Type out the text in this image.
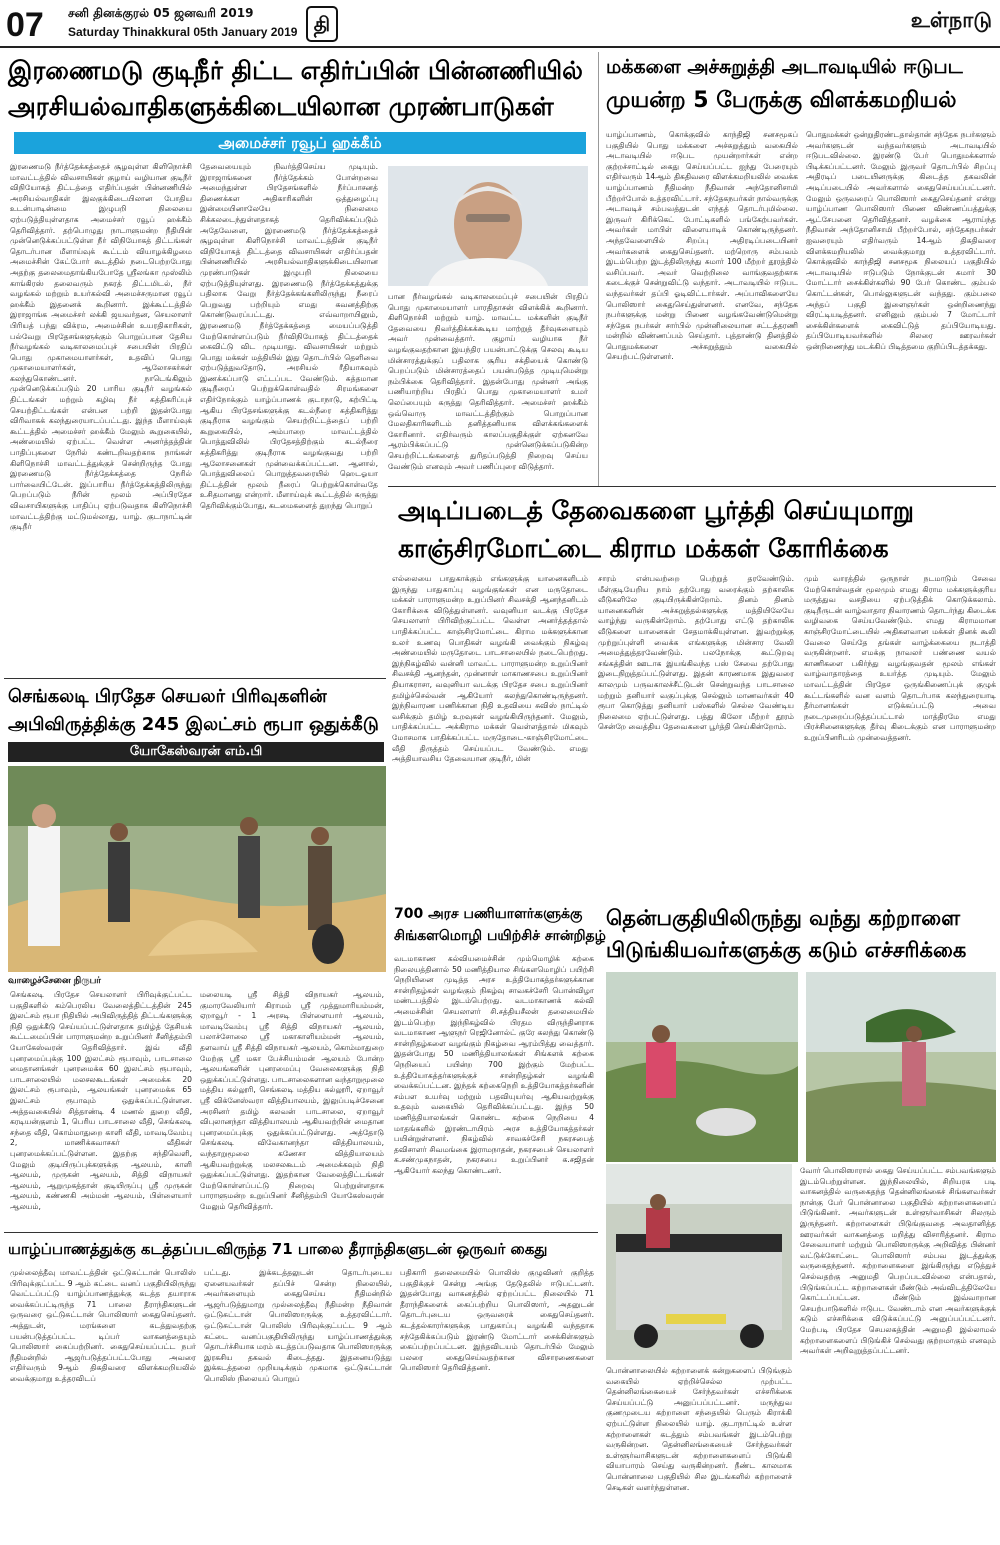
07 சனி தினக்குரல் 05 ஜனவரி 2019
Saturday Thinakkural 05th January 2019 தி	உள்நாடு
இரணைமடு குடிநீர் திட்ட எதிர்ப்பின் பின்னணியில்
அரசியல்வாதிகளுக்கிடையிலான முரண்பாடுகள்
அமைச்சர் ரவூப் ஹக்கீம்
இரணைமடு நீர்த்தேக்கத்தைச் சூழவுள்ள கிளிநொச்சி மாவட்டத்தில் விவசாயிகள் குழாய் வழியான குடிநீர் விநியோகத் திட்டத்தை எதிர்ப்பதன் பின்னணியில் அரசியல்வாதிகள் இலகுக்கிடையிலான போதிய உடன்பாடின்மை இழுபறி நிலையை ஏற்படுத்தியுள்ளதாக அமைச்சர் ரவூப் ஹக்கீம் தெரிவித்தார். தற்பொழுது நாடாளுமன்ற நீதியின் முன்னெடுக்கப்பட்டுள்ள நீர் விநியோகத் திட்டங்கள் தொடர்பான மீளாய்வுக் கூட்டம் வியாழக்கிழமை அமைச்சின் கேட்போர் கூடத்தில் நடைபெற்றபோது அதற்கு தலைமைதாங்கியபோதே ஸ்ரீலங்கா முஸ்லிம் காங்கிரஸ் தலைவரும் நகரத் திட்டமிடல், நீர் வழங்கல் மற்றும் உயர்கல்வி அமைச்சருமான ரவூப் ஹக்கீம் இதனைக் கூறினார். இக்கூட்டத்தில் இராஜாங்க அமைச்சர் லக்கி ஜயவர்தன, செயலாளர் பிரியத் பந்து விக்ரம, அமைச்சின் உயரதிகாரிகள், பல்வேறு பிரதேசங்களுக்கும் பொறுப்பான தேசிய நீர்வழங்கல் வடிகாலமைப்புச் சபையின் பிரதிப் பொது முகாமையாளர்கள், உதவிப் பொது முகாமையாளர்கள், ஆலோசகர்கள் கலந்துகொண்டனர். நாடெங்கிலும் முன்னெடுக்கப்படும் 20 பாரிய குடிநீர் வழங்கல் திட்டங்கள் மற்றும் கழிவு நீர் சுத்திகரிப்புச் செயற்திட்டங்கள் என்பன பற்றி இதன்போது விரிவாகக் கலந்துரையாடப்பட்டது. இந்த மீளாய்வுக் கூட்டத்தில் அமைச்சர் ஹக்கீம் மேலும் கூறுகையில், அண்மையில் ஏற்பட்ட வெள்ள அனர்த்தத்தின் பாதிப்புகளை நேரில் கண்டறிவதற்காக நாங்கள் கிளிநொச்சி மாவட்டத்துக்குச் சென்றிருந்த போது இரணைமடு நீர்த்தேக்கத்தை நேரில் பார்வையிட்டேன். இப்பாரிய நீர்த்தேக்கத்திலிருந்து பெறப்படும் நீரின் மூலம் அப்பிரதேச விவசாயிகளுக்கு பாதிப்பு ஏற்படுவதாக கிளிநொச்சி மாவட்டத்திற்கு மட்டுமல்லாது, யாழ். குடாநாட்டின் குடிநீர்
தேவையையும் நிவர்த்திசெய்ய முடியும். இராஜாங்கனை நீர்த்தேக்கம் போன்றவை அமைந்துள்ள பிரதேசங்களில் நீர்ப்பாசனத் திணைக்கள அதிகாரிகளின் ஒத்துழைப்பு இன்மையினாலேயே நிலைமை சிக்கலடைந்துள்ளதாகத் தெரிவிக்கப்படும் அதேவேளை, இரணைமடு நீர்த்தேக்கத்தைச் சூழவுள்ள கிளிநொச்சி மாவட்டத்தின் குடிநீர் விநியோகத் திட்டத்தை விவசாயிகள் எதிர்ப்பதன் பின்னணியில் அரசியல்வாதிகளுக்கிடையிலான முரண்பாடுகள் இழுபறி நிலையை ஏற்படுத்தியுள்ளது. இரணைமடு நீர்த்தேக்கத்துக்கு பதிலாக வேறு நீர்த்தேக்கங்களிலிருந்து நீரைப் பெறுவது பற்றியும் எமது கவனத்திற்கு கொண்டுவரப்பட்டது. எவ்வாறாயினும், இரணைமடு நீர்த்தேக்கத்தை மையப்படுத்தி மேற்கொள்ளப்படும் நீர்விநியோகத் திட்டத்தைக் கைவிட்டு விட முடியாது. விவசாயிகள் மற்றும் பொது மக்கள் மத்தியில் இது தொடர்பில் தெளிவை ஏற்படுத்துவதோடு, அரசியல் ரீதியாகவும் இணக்கப்பாடு எட்டப்பட வேண்டும். சுத்தமான குடிநீரைப் பெற்றுக்கொள்வதில் சிரமங்களை எதிர்நோக்கும் யாழ்ப்பாணக் குடாநாடு, கற்பிட்டி ஆகிய பிரதேசங்களுக்கு கடல்நீரை சுத்திகரித்து குடிநீராக வழங்கும் செயற்றிட்டத்தைப் பற்றி கூறுகையில், அம்பாறை மாவட்டத்தில் பொத்துவிலில் பிரதேசத்திற்கும் கடல்நீரை சுத்திகரித்து குடிநீராக வழங்குவது பற்றி ஆலோசனைகள் முன்வைக்கப்பட்டன. ஆனால், பொத்துவிலைப் பொறுத்தவரையில் ஹெடஓயா திட்டத்தின் மூலம் நீரைப் பெற்றுக்கொள்வதே உசிதமானது என்றார். மீளாய்வுக் கூட்டத்தில் கருத்து தெரிவிக்கும்போது, கடமைகளைத் துறந்து பொறுப்
பான நீர்வழங்கல் வடிகாலமைப்புச் சபையின் பிரதிப் பொது முகாமையாளர் பாரதிதாசன் விளக்கிக் கூறினார். கிளிநொச்சி மற்றும் யாழ். மாவட்ட மக்களின் குடிநீர் தேவையை நிவர்த்திக்கக்கூடிய மாற்றுத் தீர்வுகளையும் அவர் முன்வைத்தார். குழாய் வழியாக நீர் வழங்குவதற்கான இயந்திர பயன்பாட்டுக்கு செலவு கூடிய மின்சாரத்துக்குப் பதிலாக சூரிய சக்தியைக் கொண்டு பெறப்படும் மின்சாரத்தைப் பயன்படுத்த முடியுமென்று நம்பிக்கை தெரிவித்தார். இதன்போது முன்னர் அங்கு பணியாற்றிய பிரதிப் பொது முகாமையாளர் உமர் லெப்பையும் கருத்து தெரிவித்தார். அமைச்சர் ஹக்கீம் ஒவ்வொரு மாவட்டத்திற்கும் பொறுப்பான மேலதிகாரிகளிடம் தனித்தனியாக விளக்கங்களைக் கோரினார். எதிர்வரும் காலப்பகுதிக்குள் ஏற்கனவே ஆரம்பிக்கப்பட்டு முன்னெடுக்கப்படுகின்ற செயற்றிட்டங்களைத் துரிதப்படுத்தி நிறைவு செய்ய வேண்டும் எனவும் அவர் பணிப்புரை விடுத்தார்.
மக்களை அச்சுறுத்தி அடாவடியில் ஈடுபட
முயன்ற 5 பேருக்கு விளக்கமறியல்
யாழ்ப்பாணம், கொக்குவில் காந்திஜி சனசமூகப் பகுதியில் பொது மக்களை அச்சுறுத்தும் வகையில் அடாவடியில் ஈடுபட முயன்றார்கள் என்ற குற்றச்சாட்டில் கைது செய்யப்பட்ட ஐந்து பேரையும் எதிர்வரும் 14ஆம் திகதிவரை விளக்கமறியலில் வைக்க யாழ்ப்பாணம் நீதிமன்ற நீதிவான் அந்தோனிசாமி பீற்றர்போல் உத்தரவிட்டார். சந்தேகநபர்கள் நால்வருக்கு அடாவடிச் சம்பவத்துடன் எந்தத் தொடர்புமில்லை. இருவர் கிரிக்கெட் போட்டிகளில் பங்கேற்பவர்கள். அவர்கள் மாபிள் விளையாடிக் கொண்டிருந்தனர். அந்தவேளையில் சிறப்பு அதிரடிப்படையினர் அவர்களைக் கைதுசெய்தனர். மற்றொரு சம்பவம் இடம்பெற்ற இடத்திலிருந்து சுமார் 100 மீற்றர் தூரத்தில் வசிப்பவர். அவர் வெற்றிலை வாங்குவதற்காக கடைக்குச் சென்றுவிட்டு வந்தார். அடாவடியில் ஈடுபட வந்தவர்கள் தப்பி ஓடிவிட்டார்கள். அப்பாவிகளையே பொலிஸார் கைதுசெய்துள்ளனர். எனவே, சந்தேக நபர்களுக்கு மன்று பிணை வழங்கவேண்டுமென்று சந்தேக நபர்கள் சார்பில் முன்னிலையான சட்டத்தரணி மன்றில் விண்ணப்பம் செய்தார். புத்தாண்டு தினத்தில் பொதுமக்களை அச்சுறுத்தும் வகையில் செயற்பட்டுள்ளனர்.
பொதுமக்கள் ஒன்றுதிரண்டதால்தான் சந்தேக நபர்களும் அவர்களுடன் வந்தவர்களும் அடாவடியில் ஈடுபடவில்லை. இரண்டு பேர் பொதுமக்களால் பிடிக்கப்பட்டனர். மேலும் இருவர் தொடர்பில் சிறப்பு அதிரடிப் படையினருக்கு கிடைத்த தகவலின் அடிப்படையில் அவர்களால் கைதுசெய்யப்பட்டனர். மேலும் ஒருவரைப் பொலிஸார் கைதுசெய்தனர் என்று யாழ்ப்பாண பொலிஸார் பிணை விண்ணப்பத்துக்கு ஆட்சேபனை தெரிவித்தனர். வழக்கை ஆராய்ந்த நீதிவான் அந்தோனிசாமி பீற்றர்போல், சந்தேகநபர்கள் ஐவரையும் எதிர்வரும் 14ஆம் திகதிவரை விளக்கமறியலில் வைக்குமாறு உத்தரவிட்டார். கொக்குவில் காந்திஜி சனசமூக நிலையப் பகுதியில் அடாவடியில் ஈடுபடும் நோக்குடன் சுமார் 30 மோட்டார் சைக்கிள்களில் 90 பேர் கொண்ட கும்பல் கொட்டன்கள், பொல்லுகளுடன் வந்தது. கும்பலை அந்தப் பகுதி இளைஞர்கள் ஒன்றிணைந்து விரட்டியடித்தனர். எனினும் கும்பல் 7 மோட்டார் சைக்கிள்களைக் கைவிட்டுத் தப்பியோடியது. தப்பியோடியவர்களில் சிலரை ஊரவர்கள் ஒன்றிணைந்து மடக்கிப் பிடித்தமை குறிப்பிடத்தக்கது.
அடிப்படைத் தேவைகளை பூர்த்தி செய்யுமாறு
காஞ்சிரமோட்டை கிராம மக்கள் கோரிக்கை
எல்லையை பாதுகாக்கும் எங்களுக்கு யானைகளிடம் இருந்து பாதுகாப்பு வழங்குங்கள் என மருதோடை மக்கள் பாராளுமன்ற உறுப்பினர் சிவசக்தி ஆனந்தனிடம் கோரிக்கை விடுத்துள்ளனர். வவுனியா வடக்கு பிரதேச செயலாளர் பிரிவிற்குட்பட்ட வெள்ள அனர்த்தத்தால் பாதிக்கப்பட்ட காஞ்சிரமோட்டை கிராம மக்களுக்கான உலர் உணவு பொதிகள் வழங்கி வைக்கும் நிகழ்வு அண்மையில் மருதோடை பாடசாலையில் நடைபெற்றது. இந்நிகழ்வில் வன்னி மாவட்ட பாராளுமன்ற உறுப்பினர் சிவசக்தி ஆனந்தன், முன்னாள் மாகாணசபை உறுப்பினர் தியாகராசா, வவுனியா வடக்கு பிரதேச சபை உறுப்பினர் தமிழ்ச்செல்வன் ஆகியோர் கலந்துகொண்டிருந்தனர். இந்நிவாரண பணிக்கான நிதி உதவியை சுவிஸ் நாட்டில் வசிக்கும் தமிழ் உறவுகள் வழங்கியிருந்தனர். மேலும், பாதிக்கப்பட்ட அக்கிராம மக்கள் வெள்ளத்தால் மிகவும் மோசமாக பாதிக்கப்பட்ட மருதோடை-காஞ்சிரமோட்டை வீதி திருத்தம் செய்யப்பட வேண்டும். எமது அத்தியாவசிய தேவையான குடிநீர், மின்
சாரம் என்பவற்றை பெற்றுத் தரவேண்டும். மீள்குடியேறிய நாம் தற்போது வரைக்கும் தற்காலிக வீடுகளிலே குடியிருக்கின்றோம். தினம் தினம் யானைகளின் அச்சுறுத்தல்களுக்கு மத்தியிலேயே வாழ்ந்து வருகின்றோம். தற்போது எட்டு தற்காலிக வீடுகளை யானைகள் சேதமாக்கியுள்ளன. இவற்றுக்கு முற்றுப்புள்ளி வைக்க எங்களுக்கு மின்சார வேலி அமைத்துத்தரவேண்டும். பலநோக்கு கூட்டுறவு சங்கத்தின் ஊடாக இயங்கிவந்த பஸ் சேவை தற்போது இடைநிறுத்தப்பட்டுள்ளது. இதன் காரணமாக இதுவரை காலமும் பருவகாலச்சீட்டுடன் சென்றுவந்த பாடசாலை மற்றும் தனியார் வகுப்புக்கு செல்லும் மாணவர்கள் 40 ரூபா கொடுத்து தனியார் பஸ்களில் செல்ல வேண்டிய நிலைமை ஏற்பட்டுள்ளது. பத்து கிலோ மீற்றர் தூரம் சென்றே வைத்திய தேவைகளை பூர்த்தி செய்கின்றோம்.
மும் வாரத்தில் ஒருநாள் நடமாடும் சேவை மேற்கொள்வதன் மூலமும் எமது கிராம மக்களுக்குரிய மருத்துவ வசதியை ஏற்படுத்திக் கொடுக்கலாம். குடிநீருடன் வாழ்வாதார நிவாரணம் தொடர்ந்து கிடைக்க வழிவகை செய்யவேண்டும். எமது கிராமமான காஞ்சிரமோட்டையில் அதிகளவான மக்கள் தினக் கூலி வேலை செய்தே தங்கள் வாழ்க்கையை நடாத்தி வருகின்றனர். எமக்கு நாவலர் பண்ணை வயல் காணிகளை பகிர்ந்து வழங்குவதன் மூலம் எங்கள் வாழ்வாதாரத்தை உயர்த்த முடியும். மேலும் மாவட்டத்தின் பிரதேச ஒருங்கிணைப்புக் குழுக் கூட்டங்களில் வன வளம் தொடர்பாக கலந்துரையாடி தீர்மானங்கள் எடுக்கப்பட்டு அவை நடைமுறைப்படுத்தப்பட்டால் மாத்திரமே எமது பிரச்சினைகளுக்கு தீர்வு கிடைக்கும் என பாராளுமன்ற உறுப்பினரிடம் முன்வைத்தனர்.
செங்கலடி பிரதேச செயலர் பிரிவுகளின்
அபிவிருத்திக்கு 245 இலட்சம் ரூபா ஒதுக்கீடு
யோகேஸ்வரன் எம்.பி
வாழைச்சேனை நிருபர்
செங்கலடி பிரதேச செயலாளர் பிரிவுக்குட்பட்ட பகுதிகளில் கம்பெரலிய வேலைத்திட்டத்தின் 245 இலட்சம் ரூபா நிதியில் அபிவிருத்தித் திட்டங்களுக்கு நிதி ஒதுக்கீடு செய்யப்பட்டுள்ளதாக தமிழ்த் தேசியக் கூட்டமைப்பின் பாராளுமன்ற உறுப்பினர் சீனித்தம்பி யோகேஸ்வரன் தெரிவித்தார். இவ் வீதி புனரமைப்புக்கு 100 இலட்சம் ரூபாவும், பாடசாலை மைதானங்கள் புனரமைக்க 60 இலட்சம் ரூபாவும், பாடசாலையில் மலசலகூடங்கள் அமைக்க 20 இலட்சம் ரூபாவும், ஆலயங்கள் புனரமைக்க 65 இலட்சம் ரூபாவும் ஒதுக்கப்பட்டுள்ளன. அத்தவகையில் சித்தாண்டி 4 மணல் துறை வீதி, கரடியன்குளம் 1, பெரிய பாடசாலை வீதி, செங்கலடி சந்தை வீதி, கொம்மாதுறை காளி வீதி, மாவடிவேம்பு 2, மாணிக்கவாசகர் வீதிகள் புனரமைக்கப்பட்டுள்ளன. இதற்கு சந்திவெளி, மேலும் குடியிருப்புக்களுக்கு ஆலயம், காளி ஆலயம், முருகன் ஆலயம், சித்தி விநாயகர் ஆலயம், ஆறுமுகத்தான் குடியிருப்பு ஸ்ரீ முருகன் ஆலயம், கண்ணகி அம்மன் ஆலயம், பிள்ளையார் ஆலயம்,
மலையடி ஸ்ரீ சித்தி விநாயகர் ஆலயம், குமாரவேலியார் கிராமம் ஸ்ரீ முத்துமாரியம்மன், ஏறாவூர் - 1 அரசடி பிள்ளையார் ஆலயம், மாவடிவேம்பு ஸ்ரீ சித்தி விநாயகர் ஆலயம், பலாச்சோலை ஸ்ரீ மகாகாளியம்மன் ஆலயம், தளவாய் ஸ்ரீ சித்தி விநாயகர் ஆலயம், கொம்மாதுறை மேற்கு ஸ்ரீ மகா பேச்சியம்மன் ஆலயம் போன்ற ஆலயங்களின் புனரமைப்பு வேலைகளுக்கு நிதி ஒதுக்கப்பட்டுள்ளது. பாடசாலைகளான வந்தாறுமூலை மத்திய கல்லூரி, செங்கலடி மத்திய கல்லூரி, ஏறாவூர் ஸ்ரீ விக்னேஸ்வரா வித்தியாலயம், இலுப்படிச்சேனை அரசினர் தமிழ் கலவன் பாடசாலை, ஏறாவூர் விபுலானந்தா வித்தியாலயம் ஆகியவற்றின் மைதான புனரமைப்புக்கு ஒதுக்கப்பட்டுள்ளது. அத்தோடு செங்கலடி விவேகானந்தா வித்தியாலயம், வந்தாறுமூலை கணேசா வித்தியாலயம் ஆகியவற்றுக்கு மலசலகூடம் அமைக்கவும் நிதி ஒதுக்கப்பட்டுள்ளது. இதற்கான வேலைத்திட்டங்கள் மேற்கொள்ளப்பட்டு நிறைவு பெற்றுள்ளதாக பாராளுமன்ற உறுப்பினர் சீனித்தம்பி யோகேஸ்வரன் மேலும் தெரிவித்தார்.
700 அரச பணியாளர்களுக்கு
சிங்களமொழி பயிற்சிச் சான்றிதழ்
வடமாகாண கல்வியமைச்சின் மும்மொழிக் கற்கை நிலையத்தினால் 50 மணித்தியால சிங்களமொழிப் பயிற்சி நெறியினை முடித்த அரச உத்தியோகத்தர்களுக்கான சான்றிதழ்கள் வழங்கும் நிகழ்வு சாவகச்சேரி பொன்விழா மண்டபத்தில் இடம்பெற்றது. வடமாகாணக் கல்வி அமைச்சின் செயலாளர் சி.சத்தியசீலன் தலைமையில் இடம்பெற்ற இந்நிகழ்வில் பிரதம விருந்தினராக வடமாகாண ஆளுநர் ரெஜினோல்ட் குரே கலந்து கொண்டு சான்றிதழ்களை வழங்கும் நிகழ்வை ஆரம்பித்து வைத்தார். இதன்போது 50 மணித்தியாலங்கள் சிங்களக் கற்கை நெறியைப் பயின்ற 700 இற்கும் மேற்பட்ட உத்தியோகத்தர்களுக்குச் சான்றிதழ்கள் வழங்கி வைக்கப்பட்டன. இந்தக் கற்கைநெறி உத்தியோகத்தர்களின் சம்பள உயர்வு மற்றும் பதவியுயர்வு ஆகியவற்றுக்கு உதவும் வகையில் தெரிவிக்கப்பட்டது. இந்த 50 மணித்தியாலங்கள் கொண்ட கற்கை நெறியை 4 மாதங்களில் இரண்டாயிரம் அரச உத்தியோகத்தர்கள் பயின்றுள்ளனர். நிகழ்வில் சாவகச்சேரி நகரசபைத் தவிசாளர் சிவமங்கை இராமநாதன், நகரசபைச் செயலாளர் க.சண்முகநாதன், நகரசபை உறுப்பினர் க.சஜிதன் ஆகியோர் கலந்து கொண்டனர்.
தென்பகுதியிலிருந்து வந்து கற்றாளை
பிடுங்கியவர்களுக்கு கடும் எச்சரிக்கை
பொன்னாலையில் கற்றாளைக் கன்றுகளைப் பிடுங்கும் வகையில் ஏற்றிச்செல்ல முற்பட்ட தென்னிலங்கையைச் சேர்ந்தவர்கள் எச்சரிக்கை செய்யப்பட்டு அனுப்பப்பட்டனர். மருந்துவ குணமுடைய கற்றாளை சந்தையில் பெரும் கிராக்கி ஏற்பட்டுள்ள நிலையில் யாழ். குடாநாட்டில் உள்ள கற்றாளைகள் கடத்தும் சம்பவங்கள் இடம்பெற்று வருகின்றன. தென்னிலங்கையைச் சேர்ந்தவர்கள் உள்ளூர்வாசிகளுடன் கற்றாளைகளைப் பிடுங்கி வியாபாரம் செய்து வருகின்றனர். நீண்ட காலமாக பொன்னாலை பகுதியில் சில இடங்களில் கற்றாளைச் செடிகள் வளர்ந்துள்ளன.
வோர் பொலிஸாரால் கைது செய்யப்பட்ட சம்பவங்களும் இடம்பெற்றுள்ளன. இந்நிலையில், சிறியரக படி வாகனத்தில் வருகைதந்த தென்னிலங்கைச் சிங்களவர்கள் நான்கு பேர் பொன்னாலை பகுதியில் கற்றாளைகளைப் பிடுங்கினர். அவர்களுடன் உள்ளூர்வாசிகள் சிலரும் இருந்தனர். கற்றாளைகள் பிடுங்குவதை அவதானித்த ஊரவர்கள் வாகனத்தை மறித்து விசாரித்தனர். கிராம சேவையாளர் மற்றும் பொலிஸாருக்கு அறிவித்த பின்னர் வட்டுக்கோட்டை பொலிஸார் சம்பவ இடத்துக்கு வருகைதந்தனர். கற்றாளைகளை இங்கிருந்து எடுத்துச் செல்வதற்கு அனுமதி பெறப்படவில்லை என்பதால், பிடுங்கப்பட்ட கற்றாளைகள் மீண்டும் அவ்விடத்திலேயே கொட்டப்பட்டன. மீண்டும் இவ்வாறான செயற்பாடுகளில் ஈடுபட வேண்டாம் என அவர்களுக்குக் கடும் எச்சரிக்கை விடுக்கப்பட்டு அனுப்பப்பட்டனர். மேற்படி பிரதேச செயலகத்தின் அனுமதி இல்லாமல் கற்றாளைகளைப் பிடுங்கிச் செல்வது குற்றமாகும் எனவும் அவர்கள் அறிவுறுத்தப்பட்டனர்.
யாழ்ப்பாணத்துக்கு கடத்தப்படவிருந்த 71 பாலை தீராந்திகளுடன் ஒருவர் கைது
முல்லைத்தீவு மாவட்டத்தின் ஒட்டுசுட்டான் பொலிஸ் பிரிவுக்குட்பட்ட 9 ஆம் கட்டை வனப் பகுதியிலிருந்து வெட்டப்பட்டு யாழ்ப்பாணத்துக்கு கடத்த தயாராக வைக்கப்பட்டிருந்த 71 பாலை தீராந்திகளுடன் ஒருவரை ஒட்டுசுட்டான் பொலிஸார் கைதுசெய்தனர். அத்துடன், மரங்களை கடத்துவதற்கு பயன்படுத்தப்பட்ட டிப்பர் வாகனத்தையும் பொலிஸார் கைப்பற்றினர். கைதுசெய்யப்பட்ட நபர் நீதிமன்றில் ஆஜர்படுத்தப்பட்டபோது அவரை எதிர்வரும் 9ஆம் திகதிவரை விளக்கமறியலில் வைக்குமாறு உத்தரவிடப்
பட்டது. இக்கடத்தலுடன் தொடர்புடைய ஏனையவர்கள் தப்பிச் சென்ற நிலையில், அவர்களையும் கைதுசெய்ய நீதிமன்றில் ஆஜர்படுத்துமாறு முல்லைத்தீவு நீதிமன்ற நீதிவான் ஒட்டுசுட்டான் பொலிஸாருக்கு உத்தரவிட்டார். ஒட்டுசுட்டான் பொலிஸ் பிரிவுக்குட்பட்ட 9 ஆம் கட்டை வனப்பகுதியிலிருந்து யாழ்ப்பாணத்துக்கு தொடர்ச்சியாக மரம் கடத்தப்படுவதாக பொலிஸாருக்கு இரகசிய தகவல் கிடைத்தது. இதனையடுத்து இக்கடத்தலை முறியடிக்கும் முகமாக ஒட்டுசுட்டான் பொலிஸ் நிலையப் பொறுப்
பதிகாரி தலைமையில் பொலிஸ் குழுவினர் குறித்த பகுதிக்குச் சென்று அங்கு தேடுதலில் ஈடுபட்டனர். இதன்போது வாகனத்தில் ஏற்றப்பட்ட நிலையில் 71 தீராந்திகளைக் கைப்பற்றிய பொலிஸார், அதனுடன் தொடர்புடைய ஒருவரைக் கைதுசெய்தனர். கடத்தல்காரர்களுக்கு பாதுகாப்பு வழங்கி வந்ததாக சந்தேகிக்கப்படும் இரண்டு மோட்டார் சைக்கிள்களும் கைப்பற்றப்பட்டன. இந்தவிடயம் தொடர்பில் மேலும் பலரை கைதுசெய்வதற்கான விசாரணைகளை பொலிஸார் தெரிவித்தனர்.
